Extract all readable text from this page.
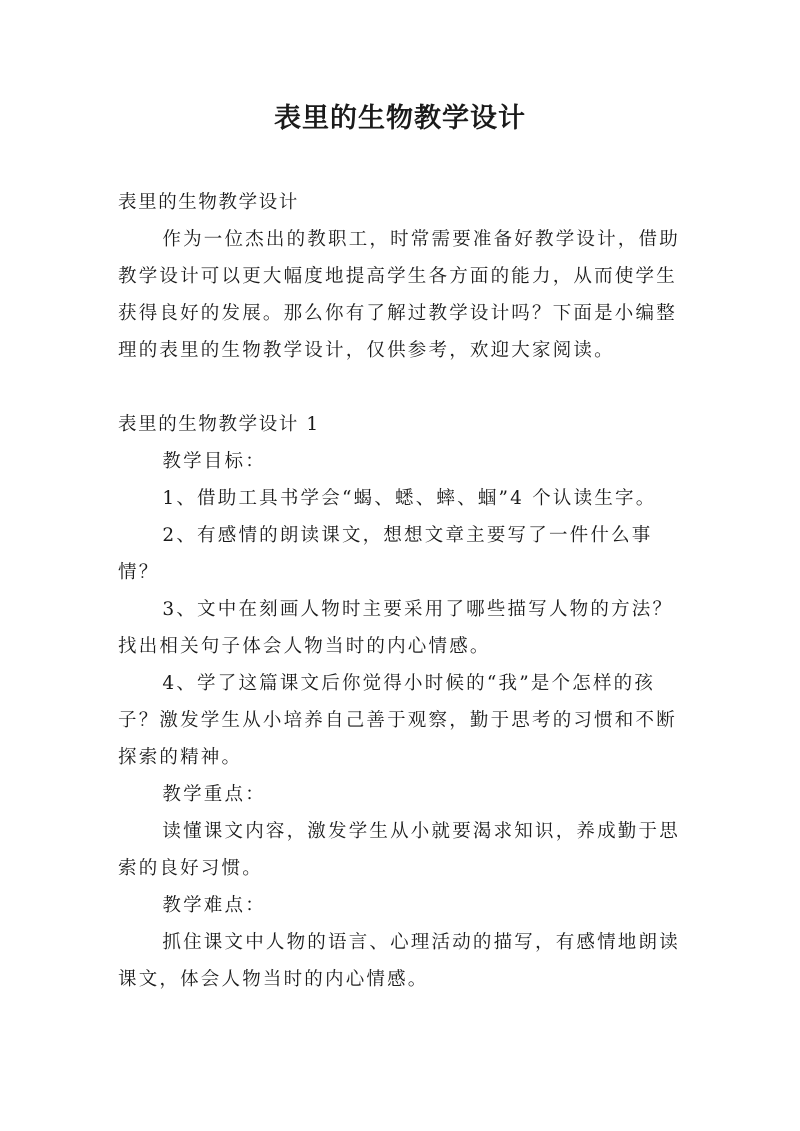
表里的生物教学设计

表里的生物教学设计

作为一位杰出的教职工，时常需要准备好教学设计，借助教学设计可以更大幅度地提高学生各方面的能力，从而使学生获得良好的发展。那么你有了解过教学设计吗？下面是小编整理的表里的生物教学设计，仅供参考，欢迎大家阅读。

表里的生物教学设计 1

教学目标：

1、借助工具书学会“蝎、蟋、蟀、蝈”4 个认读生字。

2、有感情的朗读课文，想想文章主要写了一件什么事情？

3、文中在刻画人物时主要采用了哪些描写人物的方法？找出相关句子体会人物当时的内心情感。

4、学了这篇课文后你觉得小时候的“我”是个怎样的孩子？激发学生从小培养自己善于观察，勤于思考的习惯和不断探索的精神。

教学重点：

读懂课文内容，激发学生从小就要渴求知识，养成勤于思索的良好习惯。

教学难点：

抓住课文中人物的语言、心理活动的描写，有感情地朗读课文，体会人物当时的内心情感。
